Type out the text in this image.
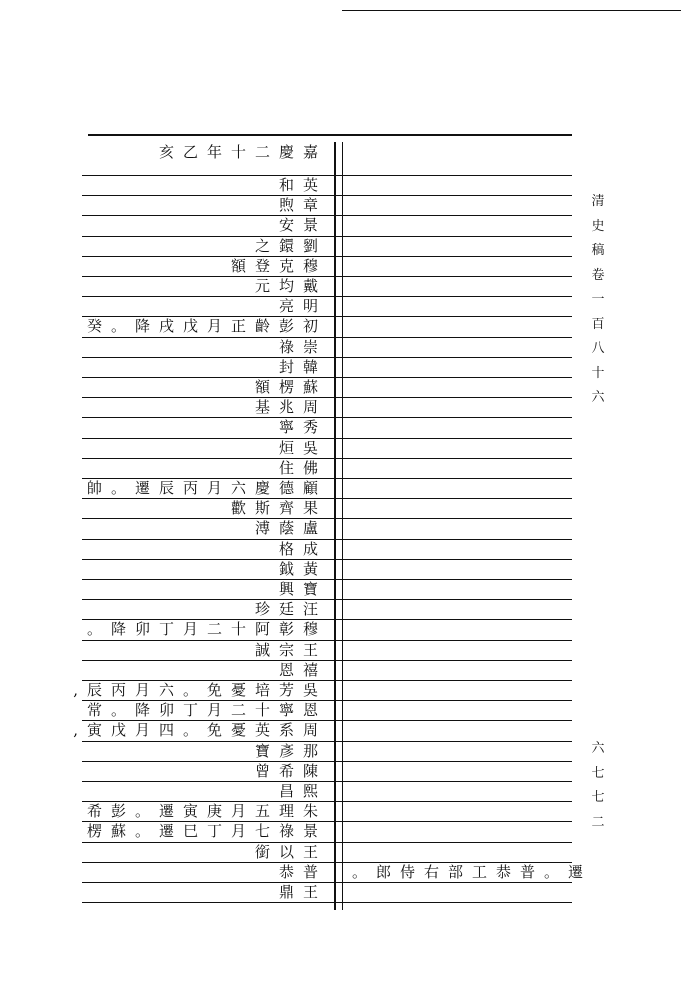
清
史
稿
卷
一
百
八
十
六
六
七
七
二
嘉慶二十年乙亥
英和
章煦
景安
劉鐶之
穆克登額
戴均元
明亮
初彭齡正月戊戌降。癸
崇祿
韓封
蘇楞額
周兆基
秀寧
吳烜
佛住
顧德慶六月丙辰遷。帥
果齊斯歡
盧蔭溥
成格
黃鉞
寶興
汪廷珍
穆彰阿十二月丁卯降。
王宗誠
禧恩
吳芳培憂免。六月丙辰,
恩寧十二月丁卯降。常
周系英憂免。四月戊寅,
那彥寶
陳希曾
熙昌
朱理五月庚寅遷。彭希
景祿七月丁巳遷。蘇楞
王以銜
普恭 遷。普恭工部右侍郎。
王鼎
